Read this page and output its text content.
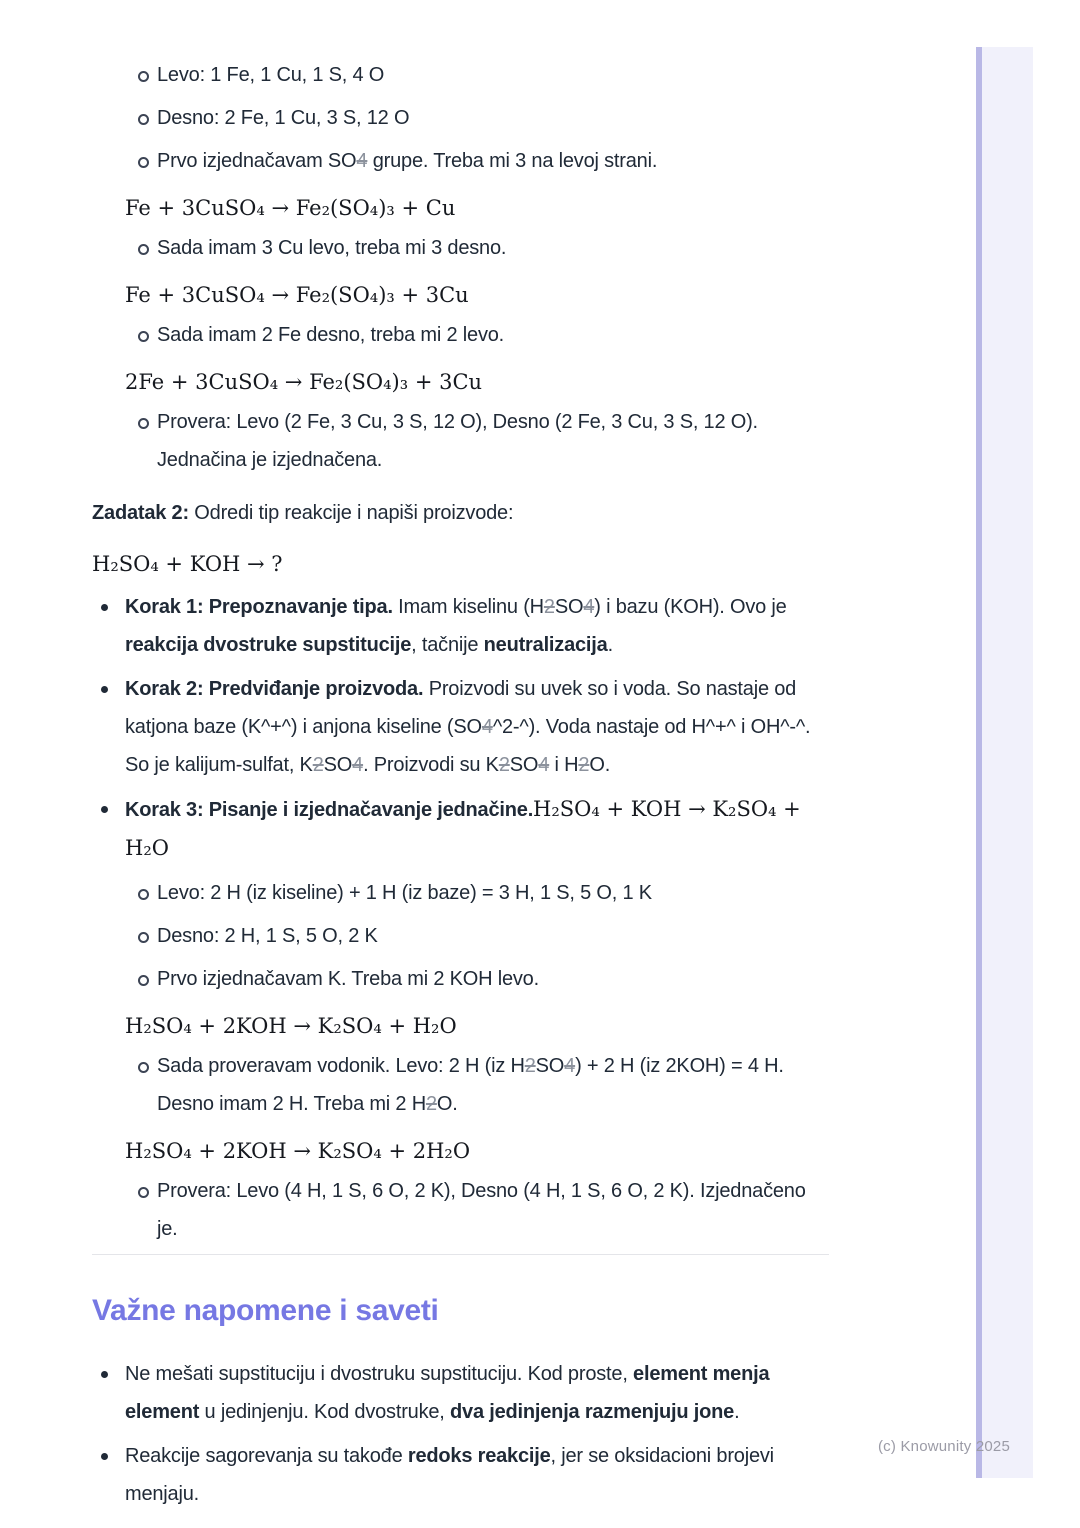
Levo: 1 Fe, 1 Cu, 1 S, 4 O
Desno: 2 Fe, 1 Cu, 3 S, 12 O
Prvo izjednačavam SO4 grupe. Treba mi 3 na levoj strani.
Fe + 3CuSO₄ → Fe₂(SO₄)₃ + Cu
Sada imam 3 Cu levo, treba mi 3 desno.
Fe + 3CuSO₄ → Fe₂(SO₄)₃ + 3Cu
Sada imam 2 Fe desno, treba mi 2 levo.
2Fe + 3CuSO₄ → Fe₂(SO₄)₃ + 3Cu
Provera: Levo (2 Fe, 3 Cu, 3 S, 12 O), Desno (2 Fe, 3 Cu, 3 S, 12 O). Jednačina je izjednačena.

Zadatak 2: Odredi tip reakcije i napiši proizvode:

H₂SO₄ + KOH → ?
Korak 1: Prepoznavanje tipa. Imam kiselinu (H2SO4) i bazu (KOH). Ovo je reakcija dvostruke supstitucije, tačnije neutralizacija.
Korak 2: Predviđanje proizvoda. Proizvodi su uvek so i voda. So nastaje od katjona baze (K^+^) i anjona kiseline (SO4^2-^). Voda nastaje od H^+^ i OH^-^. So je kalijum-sulfat, K2SO4. Proizvodi su K2SO4 i H2O.
Korak 3: Pisanje i izjednačavanje jednačine.H₂SO₄ + KOH → K₂SO₄ + H₂O
Levo: 2 H (iz kiseline) + 1 H (iz baze) = 3 H, 1 S, 5 O, 1 K
Desno: 2 H, 1 S, 5 O, 2 K
Prvo izjednačavam K. Treba mi 2 KOH levo.
H₂SO₄ + 2KOH → K₂SO₄ + H₂O
Sada proveravam vodonik. Levo: 2 H (iz H2SO4) + 2 H (iz 2KOH) = 4 H. Desno imam 2 H. Treba mi 2 H2O.
H₂SO₄ + 2KOH → K₂SO₄ + 2H₂O
Provera: Levo (4 H, 1 S, 6 O, 2 K), Desno (4 H, 1 S, 6 O, 2 K). Izjednačeno je.
Važne napomene i saveti
Ne mešati supstituciju i dvostruku supstituciju. Kod proste, element menja element u jedinjenju. Kod dvostruke, dva jedinjenja razmenjuju jone.
Reakcije sagorevanja su takođe redoks reakcije, jer se oksidacioni brojevi menjaju.
(c) Knowunity 2025
